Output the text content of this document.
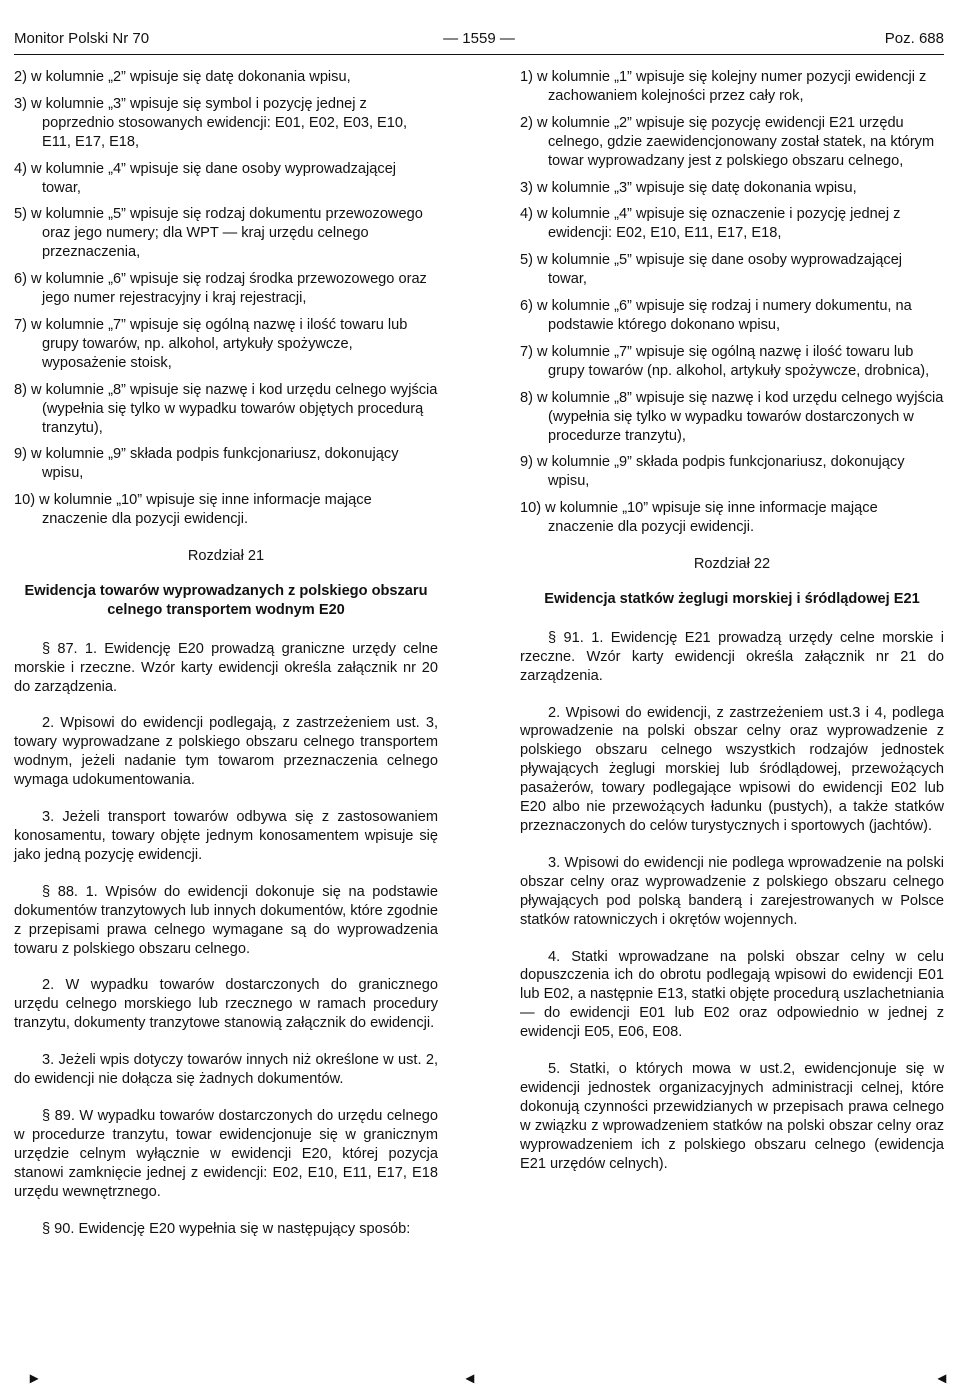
Monitor Polski Nr 70	— 1559 —	Poz. 688

2) w kolumnie „2” wpisuje się datę dokonania wpisu,

3) w kolumnie „3” wpisuje się symbol i pozycję jednej z poprzednio stosowanych ewidencji: E01, E02, E03, E10, E11, E17, E18,

4) w kolumnie „4” wpisuje się dane osoby wyprowadzającej towar,

5) w kolumnie „5” wpisuje się rodzaj dokumentu przewozowego oraz jego numery; dla WPT — kraj urzędu celnego przeznaczenia,

6) w kolumnie „6” wpisuje się rodzaj środka przewozowego oraz jego numer rejestracyjny i kraj rejestracji,

7) w kolumnie „7” wpisuje się ogólną nazwę i ilość towaru lub grupy towarów, np. alkohol, artykuły spożywcze, wyposażenie stoisk,

8) w kolumnie „8” wpisuje się nazwę i kod urzędu celnego wyjścia (wypełnia się tylko w wypadku towarów objętych procedurą tranzytu),

9) w kolumnie „9” składa podpis funkcjonariusz, dokonujący wpisu,

10) w kolumnie „10” wpisuje się inne informacje mające znaczenie dla pozycji ewidencji.

Rozdział 21
Ewidencja towarów wyprowadzanych z polskiego obszaru celnego transportem wodnym E20

§ 87. 1. Ewidencję E20 prowadzą graniczne urzędy celne morskie i rzeczne. Wzór karty ewidencji określa załącznik nr 20 do zarządzenia.

2. Wpisowi do ewidencji podlegają, z zastrzeżeniem ust. 3, towary wyprowadzane z polskiego obszaru celnego transportem wodnym, jeżeli nadanie tym towarom przeznaczenia celnego wymaga udokumentowania.

3. Jeżeli transport towarów odbywa się z zastosowaniem konosamentu, towary objęte jednym konosamentem wpisuje się jako jedną pozycję ewidencji.

§ 88. 1. Wpisów do ewidencji dokonuje się na podstawie dokumentów tranzytowych lub innych dokumentów, które zgodnie z przepisami prawa celnego wymagane są do wyprowadzenia towaru z polskiego obszaru celnego.

2. W wypadku towarów dostarczonych do granicznego urzędu celnego morskiego lub rzecznego w ramach procedury tranzytu, dokumenty tranzytowe stanowią załącznik do ewidencji.

3. Jeżeli wpis dotyczy towarów innych niż określone w ust. 2, do ewidencji nie dołącza się żadnych dokumentów.

§ 89. W wypadku towarów dostarczonych do urzędu celnego w procedurze tranzytu, towar ewidencjonuje się w granicznym urzędzie celnym wyłącznie w ewidencji E20, której pozycja stanowi zamknięcie jednej z ewidencji: E02, E10, E11, E17, E18 urzędu wewnętrznego.

§ 90. Ewidencję E20 wypełnia się w następujący sposób:

1) w kolumnie „1” wpisuje się kolejny numer pozycji ewidencji z zachowaniem kolejności przez cały rok,

2) w kolumnie „2” wpisuje się pozycję ewidencji E21 urzędu celnego, gdzie zaewidencjonowany został statek, na którym towar wyprowadzany jest z polskiego obszaru celnego,

3) w kolumnie „3” wpisuje się datę dokonania wpisu,

4) w kolumnie „4” wpisuje się oznaczenie i pozycję jednej z ewidencji: E02, E10, E11, E17, E18,

5) w kolumnie „5” wpisuje się dane osoby wyprowadzającej towar,

6) w kolumnie „6” wpisuje się rodzaj i numery dokumentu, na podstawie którego dokonano wpisu,

7) w kolumnie „7” wpisuje się ogólną nazwę i ilość towaru lub grupy towarów (np. alkohol, artykuły spożywcze, drobnica),

8) w kolumnie „8” wpisuje się nazwę i kod urzędu celnego wyjścia (wypełnia się tylko w wypadku towarów dostarczonych w procedurze tranzytu),

9) w kolumnie „9” składa podpis funkcjonariusz, dokonujący wpisu,

10) w kolumnie „10” wpisuje się inne informacje mające znaczenie dla pozycji ewidencji.

Rozdział 22
Ewidencja statków żeglugi morskiej i śródlądowej E21

§ 91. 1. Ewidencję E21 prowadzą urzędy celne morskie i rzeczne. Wzór karty ewidencji określa załącznik nr 21 do zarządzenia.

2. Wpisowi do ewidencji, z zastrzeżeniem ust.3 i 4, podlega wprowadzenie na polski obszar celny oraz wyprowadzenie z polskiego obszaru celnego wszystkich rodzajów jednostek pływających żeglugi morskiej lub śródlądowej, przewożących pasażerów, towary podlegające wpisowi do ewidencji E02 lub E20 albo nie przewożących ładunku (pustych), a także statków przeznaczonych do celów turystycznych i sportowych (jachtów).

3. Wpisowi do ewidencji nie podlega wprowadzenie na polski obszar celny oraz wyprowadzenie z polskiego obszaru celnego pływających pod polską banderą i zarejestrowanych w Polsce statków ratowniczych i okrętów wojennych.

4. Statki wprowadzane na polski obszar celny w celu dopuszczenia ich do obrotu podlegają wpisowi do ewidencji E01 lub E02, a następnie E13, statki objęte procedurą uszlachetniania — do ewidencji E01 lub E02 oraz odpowiednio w jednej z ewidencji E05, E06, E08.

5. Statki, o których mowa w ust.2, ewidencjonuje się w ewidencji jednostek organizacyjnych administracji celnej, które dokonują czynności przewidzianych w przepisach prawa celnego w związku z wprowadzeniem statków na polski obszar celny oraz wyprowadzeniem ich z polskiego obszaru celnego (ewidencja E21 urzędów celnych).

▸	◂	◂
